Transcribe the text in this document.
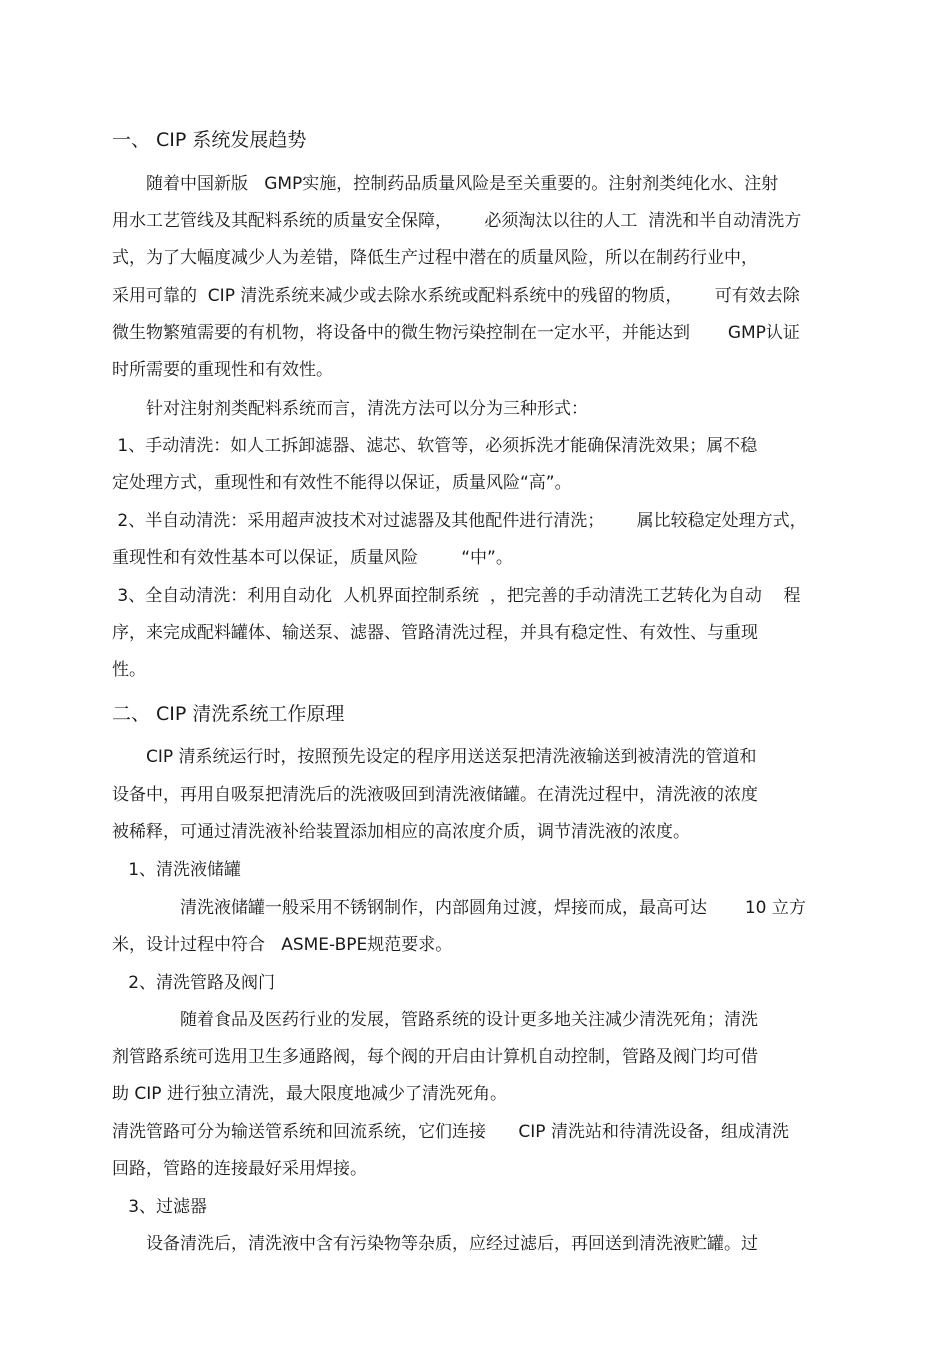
一、 CIP 系统发展趋势
　　随着中国新版   GMP实施，控制药品质量风险是至关重要的。注射剂类纯化水、注射
用水工艺管线及其配料系统的质量安全保障，      必须淘汰以往的人工  清洗和半自动清洗方
式，为了大幅度减少人为差错，降低生产过程中潜在的质量风险，所以在制药行业中，
采用可靠的  CIP 清洗系统来减少或去除水系统或配料系统中的残留的物质，      可有效去除
微生物繁殖需要的有机物，将设备中的微生物污染控制在一定水平，并能达到       GMP认证
时所需要的重现性和有效性。
　　针对注射剂类配料系统而言，清洗方法可以分为三种形式：
1、手动清洗：如人工拆卸滤器、滤芯、软管等，必须拆洗才能确保清洗效果；属不稳
定处理方式，重现性和有效性不能得以保证，质量风险“高”。
2、半自动清洗：采用超声波技术对过滤器及其他配件进行清洗；      属比较稳定处理方式，
重现性和有效性基本可以保证，质量风险        “中”。
3、全自动清洗：利用自动化  人机界面控制系统  ，把完善的手动清洗工艺转化为自动    程
序，来完成配料罐体、输送泵、滤器、管路清洗过程，并具有稳定性、有效性、与重现
性。
二、 CIP 清洗系统工作原理
　　CIP 清系统运行时，按照预先设定的程序用送送泵把清洗液输送到被清洗的管道和
设备中，再用自吸泵把清洗后的洗液吸回到清洗液储罐。在清洗过程中，清洗液的浓度
被稀释，可通过清洗液补给装置添加相应的高浓度介质，调节清洗液的浓度。
1、清洗液储罐
　　　　清洗液储罐一般采用不锈钢制作，内部圆角过渡，焊接而成，最高可达       10 立方
米，设计过程中符合   ASME-BPE规范要求。
2、清洗管路及阀门
　　　　随着食品及医药行业的发展，管路系统的设计更多地关注减少清洗死角；清洗
剂管路系统可选用卫生多通路阀，每个阀的开启由计算机自动控制，管路及阀门均可借
助 CIP 进行独立清洗，最大限度地减少了清洗死角。
清洗管路可分为输送管系统和回流系统，它们连接      CIP 清洗站和待清洗设备，组成清洗
回路，管路的连接最好采用焊接。
3、过滤器
　　设备清洗后，清洗液中含有污染物等杂质，应经过滤后，再回送到清洗液贮罐。过
